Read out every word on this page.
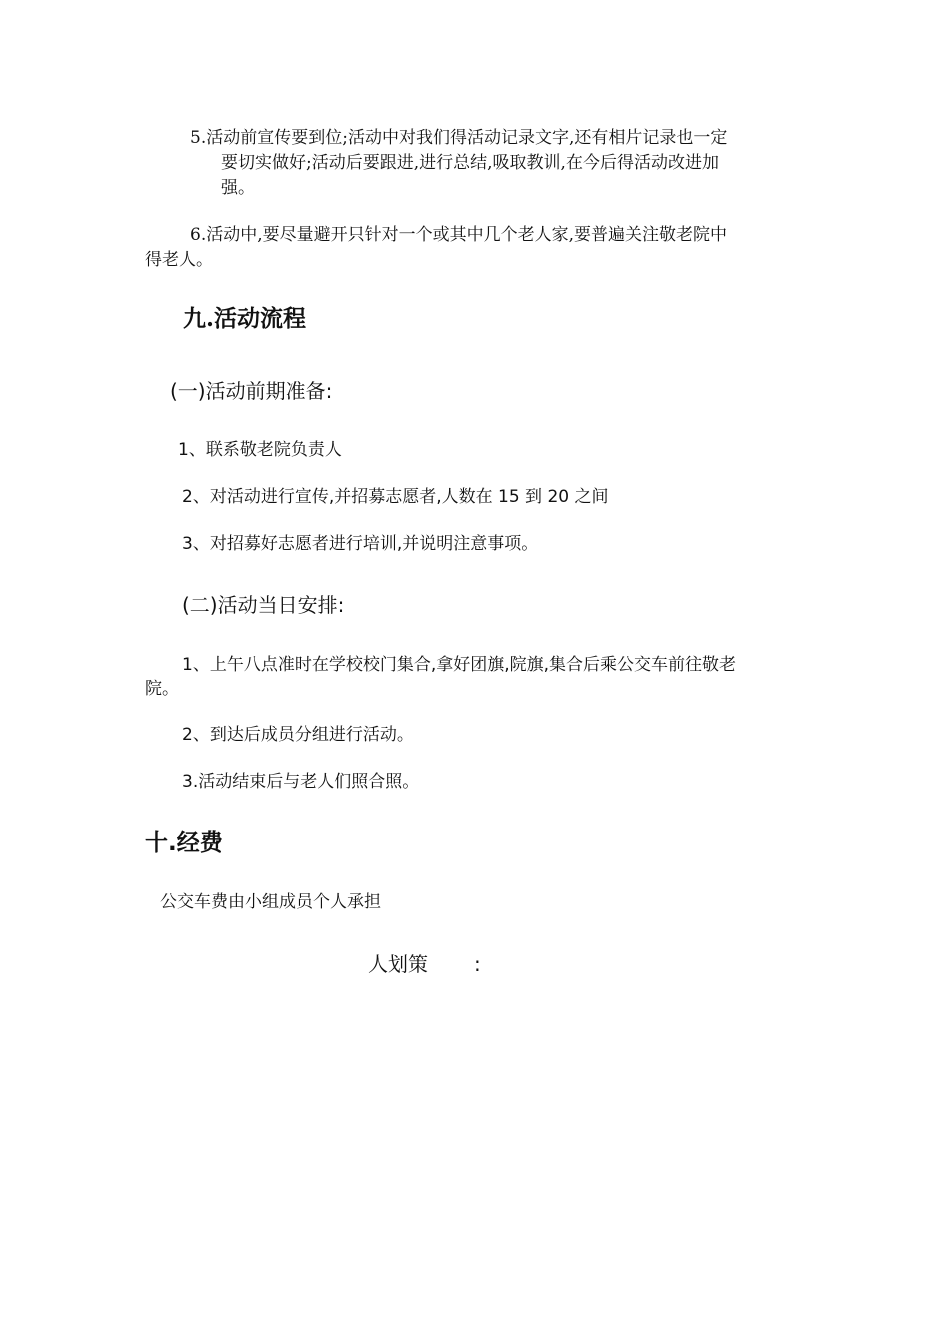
5.活动前宣传要到位;活动中对我们得活动记录文字,还有相片记录也一定
要切实做好;活动后要跟进,进行总结,吸取教训,在今后得活动改进加
强。
6.活动中,要尽量避开只针对一个或其中几个老人家,要普遍关注敬老院中
得老人。
九.活动流程
(一)活动前期准备:
1、联系敬老院负责人
2、对活动进行宣传,并招募志愿者,人数在 15 到 20 之间
3、对招募好志愿者进行培训,并说明注意事项。
(二)活动当日安排:
1、上午八点准时在学校校门集合,拿好团旗,院旗,集合后乘公交车前往敬老
院。
2、到达后成员分组进行活动。
3.活动结束后与老人们照合照。
十.经费
公交车费由小组成员个人承担
人划策 :
